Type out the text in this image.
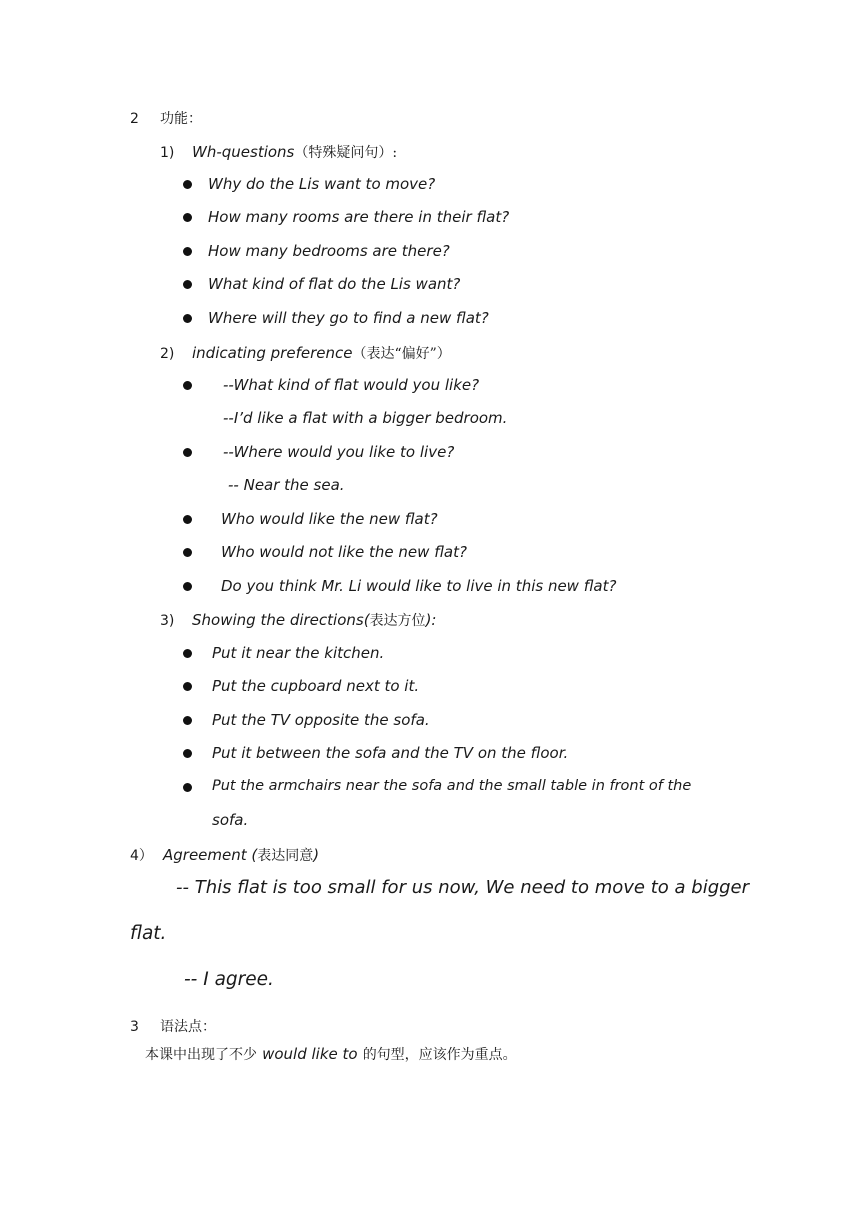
2 功能：
1) Wh-questions（特殊疑问句）:
Why do the Lis want to move?
How many rooms are there in their flat?
How many bedrooms are there?
What kind of flat do the Lis want?
Where will they go to find a new flat?
2) indicating preference（表达“偏好”）
--What kind of flat would you like?
--I’d like a flat with a bigger bedroom.
--Where would you like to live?
-- Near the sea.
Who would like the new flat?
Who would not like the new flat?
Do you think Mr. Li would like to live in this new flat?
3) Showing the directions(表达方位):
Put it near the kitchen.
Put the cupboard next to it.
Put the TV opposite the sofa.
Put it between the sofa and the TV on the floor.
Put the armchairs near the sofa and the small table in front of the
sofa.
4） Agreement (表达同意)
-- This flat is too small for us now, We need to move to a bigger
flat.
-- I agree.
3 语法点：
本课中出现了不少 would like to 的句型，应该作为重点。
